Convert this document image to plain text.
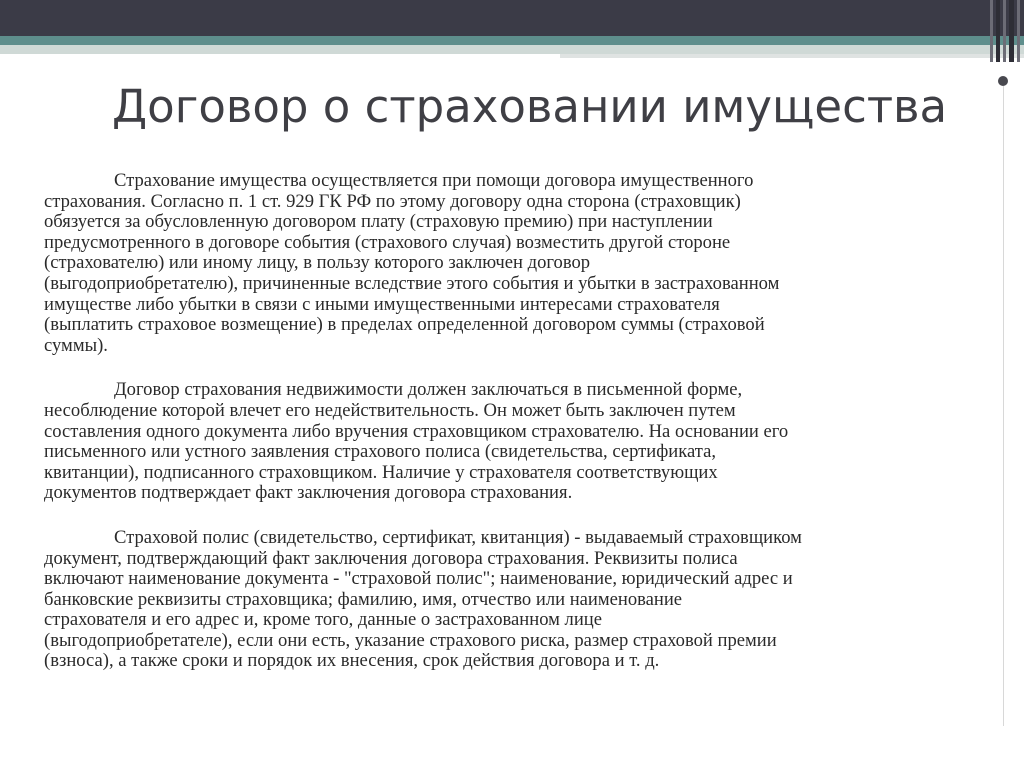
Договор о страховании имущества

Страхование имущества осуществляется при помощи договора имущественного
страхования. Согласно п. 1 ст. 929 ГК РФ по этому договору одна сторона (страховщик)
обязуется за обусловленную договором плату (страховую премию) при наступлении
предусмотренного в договоре события (страхового случая) возместить другой стороне
(страхователю) или иному лицу, в пользу которого заключен договор
(выгодоприобретателю), причиненные вследствие этого события и убытки в застрахованном
имуществе либо убытки в связи с иными имущественными интересами страхователя
(выплатить страховое возмещение) в пределах определенной договором суммы (страховой
суммы).

Договор страхования недвижимости должен заключаться в письменной форме,
несоблюдение которой влечет его недействительность. Он может быть заключен путем
составления одного документа либо вручения страховщиком страхователю. На основании его
письменного или устного заявления страхового полиса (свидетельства, сертификата,
квитанции), подписанного страховщиком. Наличие у страхователя соответствующих
документов подтверждает факт заключения договора страхования.

Страховой полис (свидетельство, сертификат, квитанция) - выдаваемый страховщиком
документ, подтверждающий факт заключения договора страхования. Реквизиты полиса
включают наименование документа - "страховой полис"; наименование, юридический адрес и
банковские реквизиты страховщика; фамилию, имя, отчество или наименование
страхователя и его адрес и, кроме того, данные о застрахованном лице
(выгодоприобретателе), если они есть, указание страхового риска, размер страховой премии
(взноса), а также сроки и порядок их внесения, срок действия договора и т. д.
